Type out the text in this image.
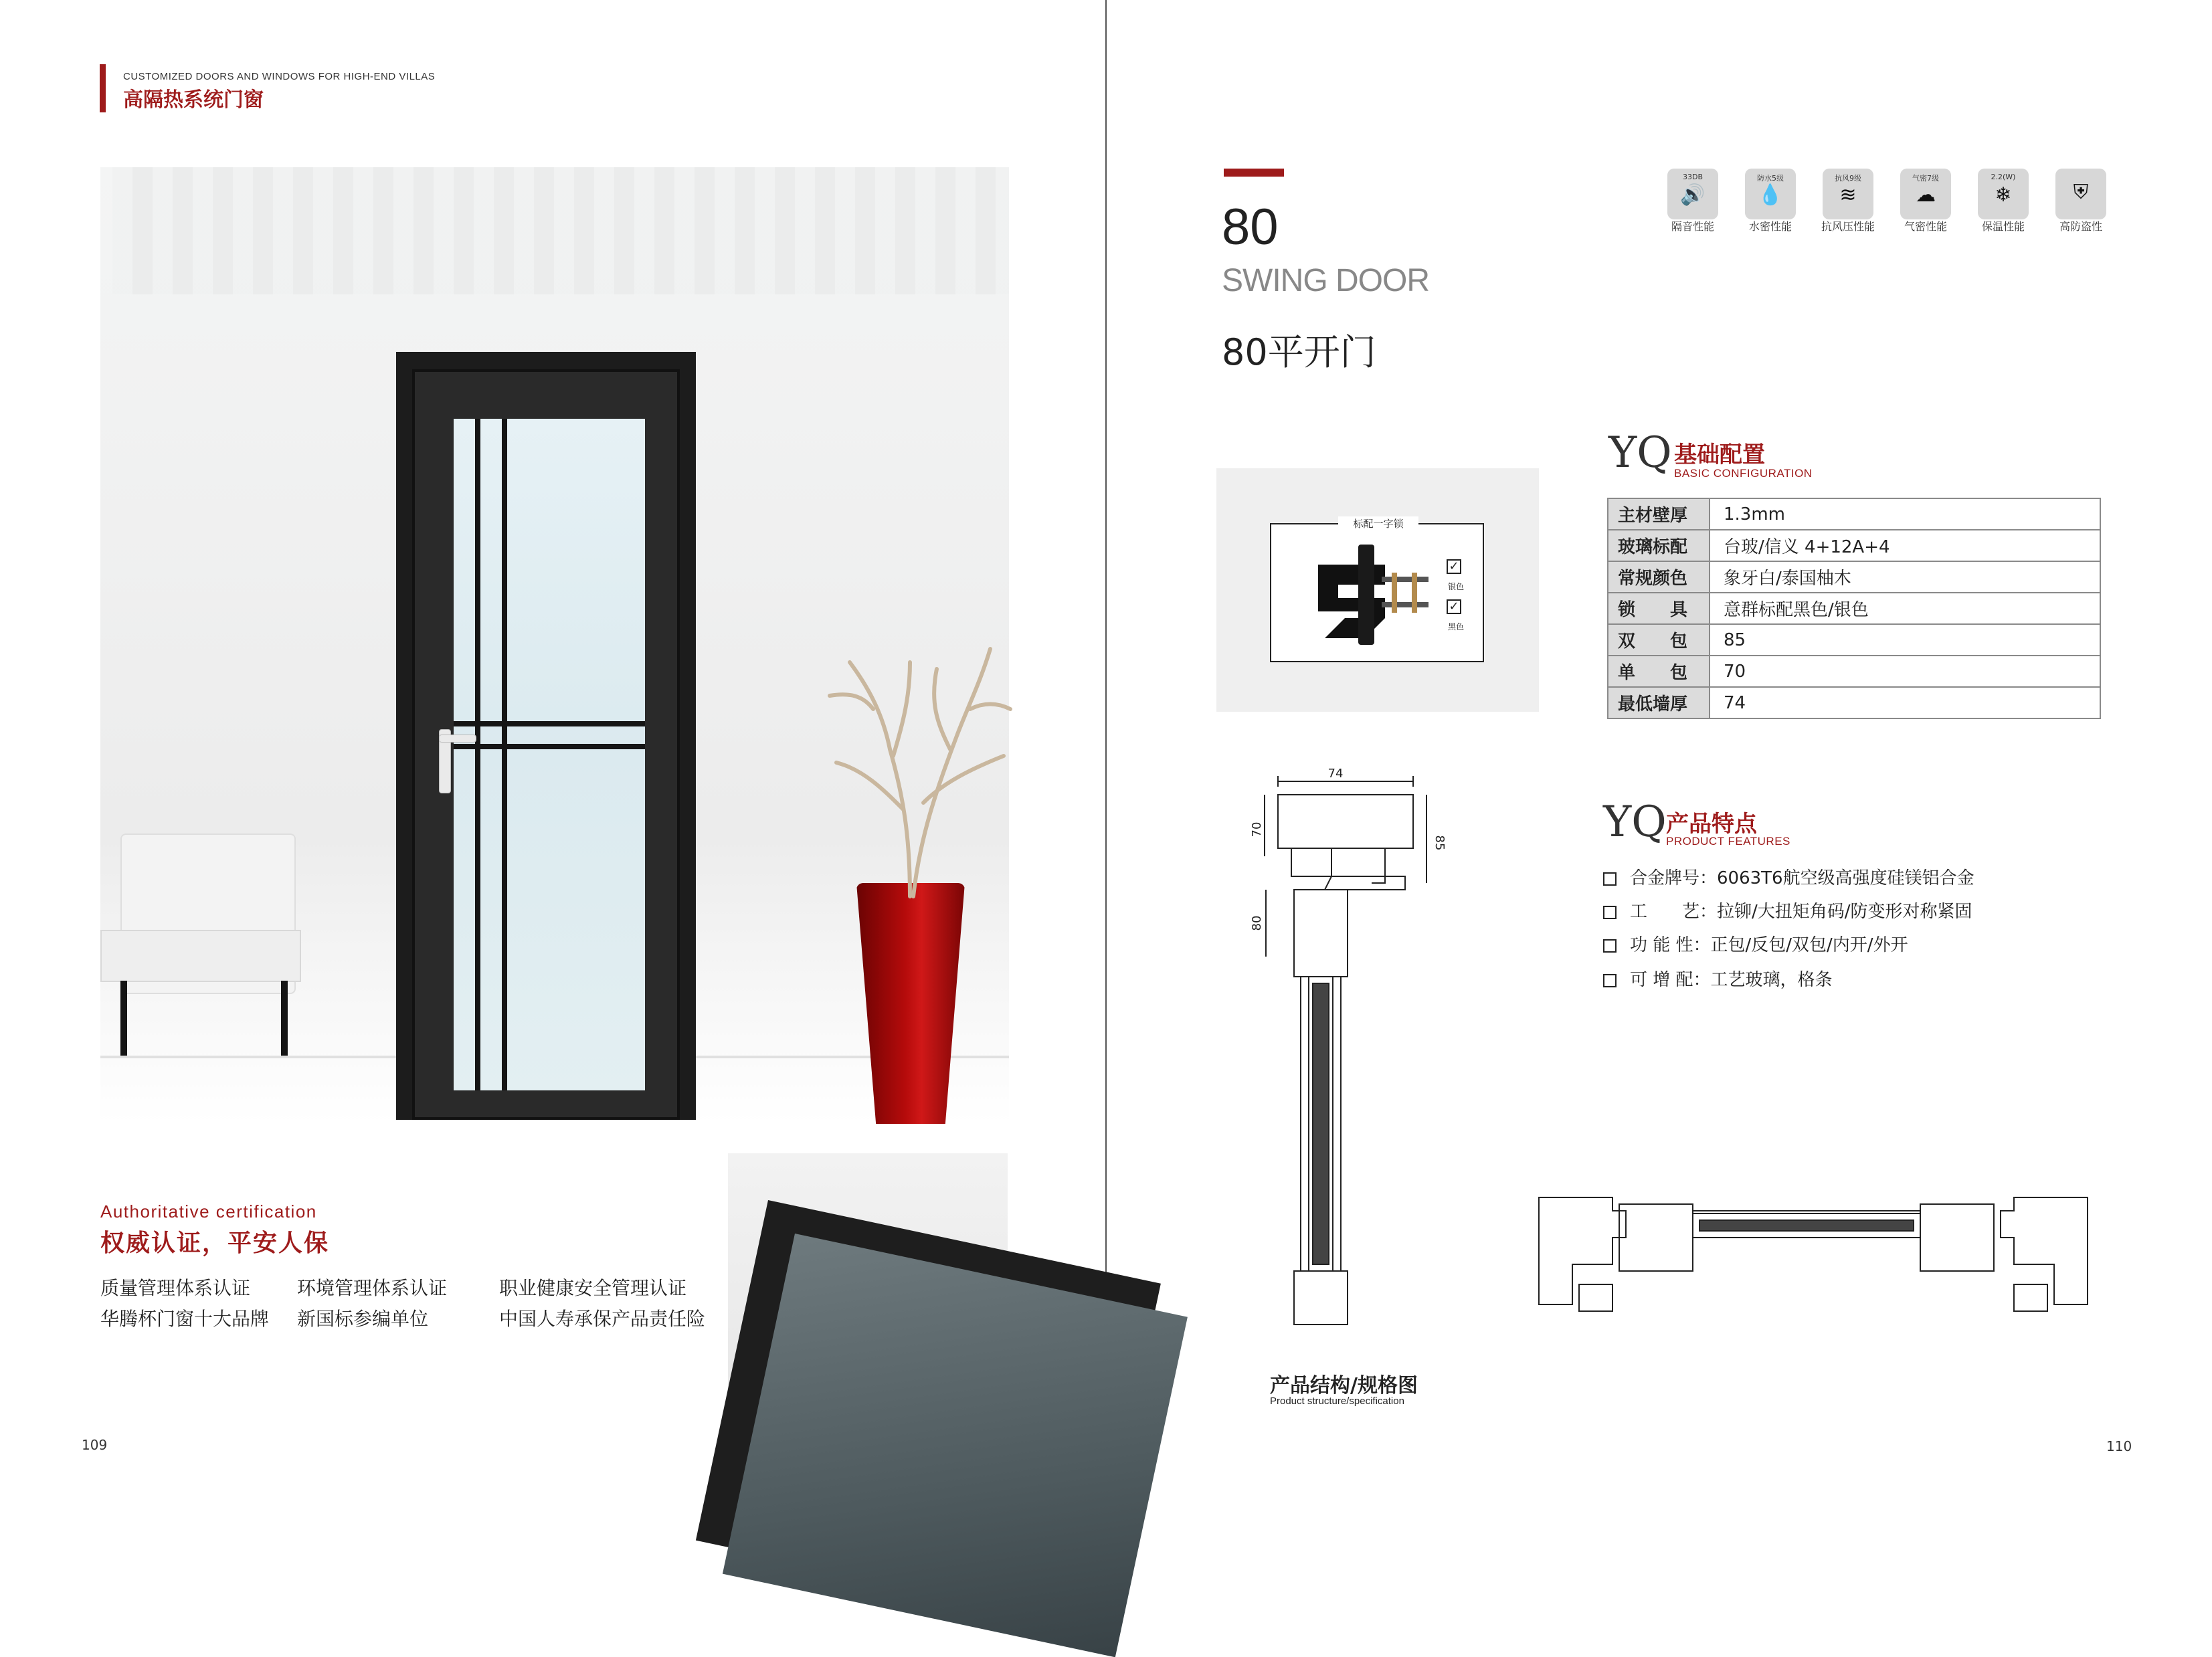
CUSTOMIZED DOORS AND WINDOWS FOR HIGH-END VILLAS
高隔热系统门窗
Authoritative certification
权威认证，平安人保
质量管理体系认证 环境管理体系认证	职业健康安全管理认证
华腾杯门窗十大品牌 新国标参编单位	中国人寿承保产品责任险
109
80
SWING DOOR
80平开门
33DB
🔊
隔音性能
防水5级
💧
水密性能
抗风9级
≋
抗风压性能
气密7级
☁
气密性能
2.2(W)
❄
保温性能
⛨
高防盗性
标配一字锁
✓
银色
✓
黑色
YQ 基础配置
BASIC CONFIGURATION
主材壁厚	1.3mm
玻璃标配	台玻/信义 4+12A+4
常规颜色	象牙白/泰国柚木
锁　　具	意群标配黑色/银色
双　　包	85
单　　包	70
最低墙厚	74
YQ 产品特点
PRODUCT FEATURES
合金牌号：6063T6航空级高强度硅镁铝合金
工　　艺：拉铆/大扭矩角码/防变形对称紧固
功 能 性：正包/反包/双包/内开/外开
可 增 配：工艺玻璃，格条
74
70
85
80
产品结构/规格图
Product structure/specification
110
